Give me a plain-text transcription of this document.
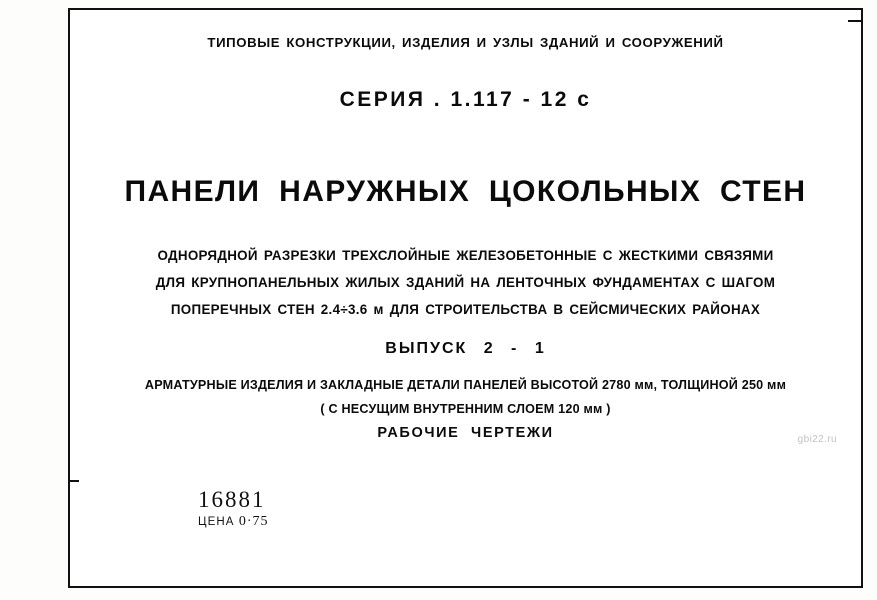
ТИПОВЫЕ КОНСТРУКЦИИ, ИЗДЕЛИЯ И УЗЛЫ ЗДАНИЙ И СООРУЖЕНИЙ
СЕРИЯ . 1.117 - 12 с
ПАНЕЛИ НАРУЖНЫХ ЦОКОЛЬНЫХ СТЕН
ОДНОРЯДНОЙ РАЗРЕЗКИ ТРЕХСЛОЙНЫЕ ЖЕЛЕЗОБЕТОННЫЕ С ЖЕСТКИМИ СВЯЗЯМИ
ДЛЯ КРУПНОПАНЕЛЬНЫХ ЖИЛЫХ ЗДАНИЙ НА ЛЕНТОЧНЫХ ФУНДАМЕНТАХ С ШАГОМ
ПОПЕРЕЧНЫХ СТЕН 2.4÷3.6 м ДЛЯ СТРОИТЕЛЬСТВА В СЕЙСМИЧЕСКИХ РАЙОНАХ
ВЫПУСК 2 - 1
АРМАТУРНЫЕ ИЗДЕЛИЯ И ЗАКЛАДНЫЕ ДЕТАЛИ ПАНЕЛЕЙ ВЫСОТОЙ 2780 мм, ТОЛЩИНОЙ 250 мм
( С НЕСУЩИМ ВНУТРЕННИМ СЛОЕМ 120 мм )
РАБОЧИЕ ЧЕРТЕЖИ
16881
ЦЕНА 0·75
gbi22.ru
